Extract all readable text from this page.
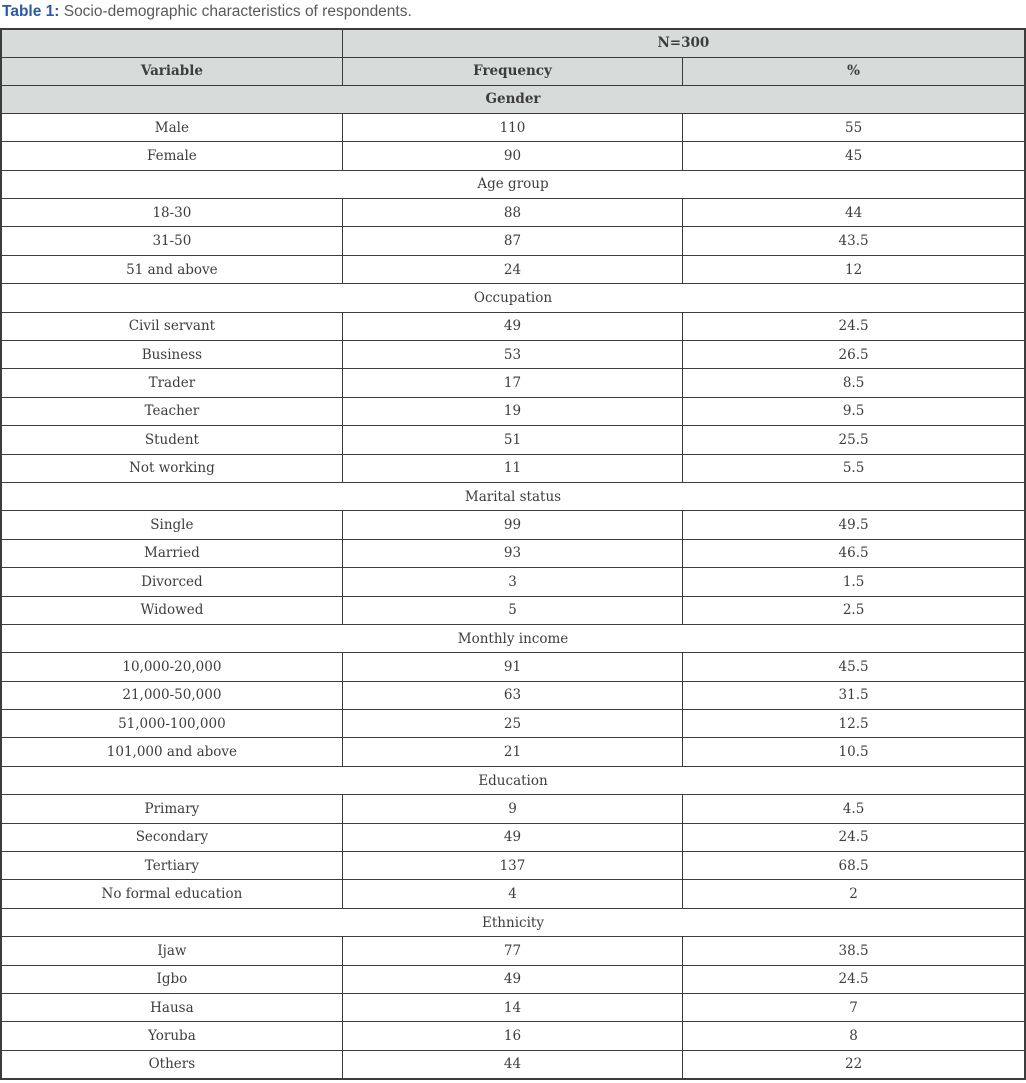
Table 1: Socio-demographic characteristics of respondents.
	N=300	
Variable	Frequency	%
Gender		
Male	110	55
Female	90	45
Age group		
18-30	88	44
31-50	87	43.5
51 and above	24	12
Occupation		
Civil servant	49	24.5
Business	53	26.5
Trader	17	8.5
Teacher	19	9.5
Student	51	25.5
Not working	11	5.5
Marital status		
Single	99	49.5
Married	93	46.5
Divorced	3	1.5
Widowed	5	2.5
Monthly income		
10,000-20,000	91	45.5
21,000-50,000	63	31.5
51,000-100,000	25	12.5
101,000 and above	21	10.5
Education		
Primary	9	4.5
Secondary	49	24.5
Tertiary	137	68.5
No formal education	4	2
Ethnicity		
Ijaw	77	38.5
Igbo	49	24.5
Hausa	14	7
Yoruba	16	8
Others	44	22
